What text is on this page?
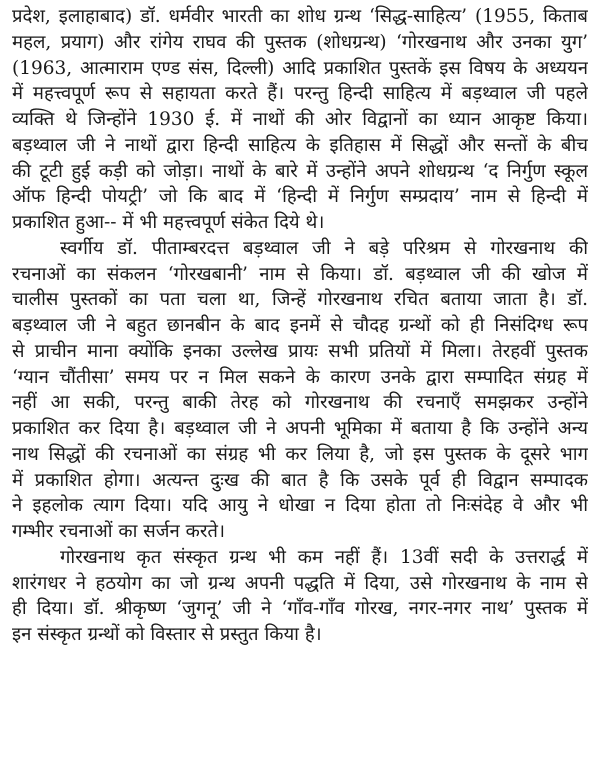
प्रदेश, इलाहाबाद) डॉ. धर्मवीर भारती का शोध ग्रन्थ ‘सिद्ध-साहित्य’ (1955, किताब
महल, प्रयाग) और रांगेय राघव की पुस्तक (शोधग्रन्थ) ‘गोरखनाथ और उनका युग’
(1963, आत्माराम एण्ड संस, दिल्ली) आदि प्रकाशित पुस्तकें इस विषय के अध्ययन
में महत्त्वपूर्ण रूप से सहायता करते हैं। परन्तु हिन्दी साहित्य में बड़थ्वाल जी पहले
व्यक्ति थे जिन्होंने 1930 ई. में नाथों की ओर विद्वानों का ध्यान आकृष्ट किया।
बड़थ्वाल जी ने नाथों द्वारा हिन्दी साहित्य के इतिहास में सिद्धों और सन्तों के बीच
की टूटी हुई कड़ी को जोड़ा। नाथों के बारे में उन्होंने अपने शोधग्रन्थ ‘द निर्गुण स्कूल
ऑफ हिन्दी पोयट्री’ जो कि बाद में ‘हिन्दी में निर्गुण सम्प्रदाय’ नाम से हिन्दी में
प्रकाशित हुआ-- में भी महत्त्वपूर्ण संकेत दिये थे।
स्वर्गीय डॉ. पीताम्बरदत्त बड़थ्वाल जी ने बड़े परिश्रम से गोरखनाथ की
रचनाओं का संकलन ‘गोरखबानी’ नाम से किया। डॉ. बड़थ्वाल जी की खोज में
चालीस पुस्तकों का पता चला था, जिन्हें गोरखनाथ रचित बताया जाता है। डॉ.
बड़थ्वाल जी ने बहुत छानबीन के बाद इनमें से चौदह ग्रन्थों को ही निसंदिग्ध रूप
से प्राचीन माना क्योंकि इनका उल्लेख प्रायः सभी प्रतियों में मिला। तेरहवीं पुस्तक
‘ग्यान चौंतीसा’ समय पर न मिल सकने के कारण उनके द्वारा सम्पादित संग्रह में
नहीं आ सकी, परन्तु बाकी तेरह को गोरखनाथ की रचनाएँ समझकर उन्होंने
प्रकाशित कर दिया है। बड़थ्वाल जी ने अपनी भूमिका में बताया है कि उन्होंने अन्य
नाथ सिद्धों की रचनाओं का संग्रह भी कर लिया है, जो इस पुस्तक के दूसरे भाग
में प्रकाशित होगा। अत्यन्त दुःख की बात है कि उसके पूर्व ही विद्वान सम्पादक
ने इहलोक त्याग दिया। यदि आयु ने धोखा न दिया होता तो निःसंदेह वे और भी
गम्भीर रचनाओं का सर्जन करते।
गोरखनाथ कृत संस्कृत ग्रन्थ भी कम नहीं हैं। 13वीं सदी के उत्तरार्द्ध में
शारंगधर ने हठयोग का जो ग्रन्थ अपनी पद्धति में दिया, उसे गोरखनाथ के नाम से
ही दिया। डॉ. श्रीकृष्ण ‘जुगनू’ जी ने ‘गाँव-गाँव गोरख, नगर-नगर नाथ’ पुस्तक में
इन संस्कृत ग्रन्थों को विस्तार से प्रस्तुत किया है।
